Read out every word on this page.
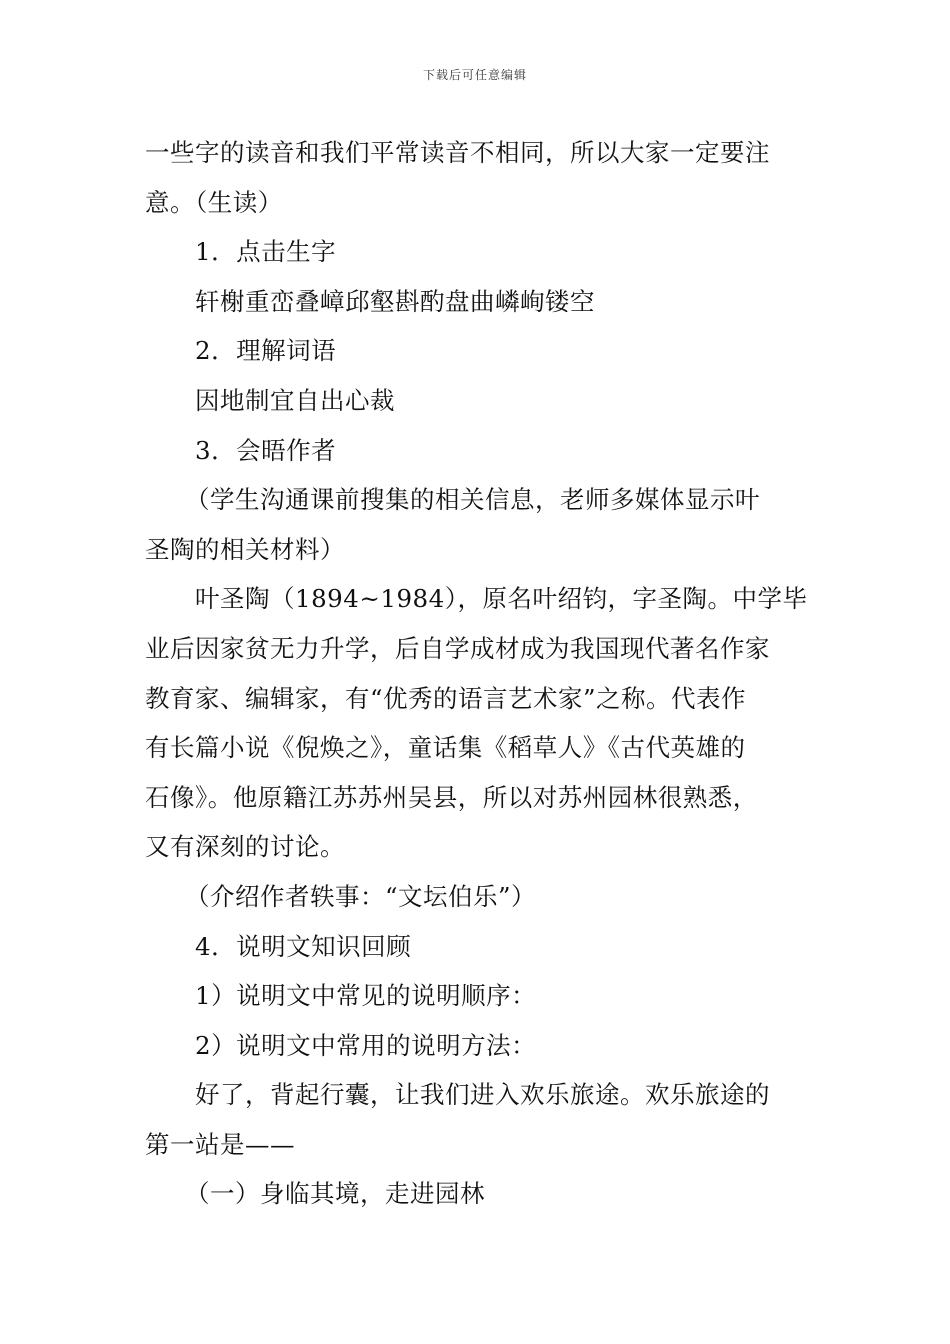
下载后可任意编辑
一些字的读音和我们平常读音不相同，所以大家一定要注
意。（生读）
1．点击生字
轩榭重峦叠嶂邱壑斟酌盘曲嶙峋镂空
2．理解词语
因地制宜自出心裁
3．会晤作者
（学生沟通课前搜集的相关信息，老师多媒体显示叶
圣陶的相关材料）
叶圣陶（1894~1984），原名叶绍钧，字圣陶。中学毕
业后因家贫无力升学，后自学成材成为我国现代著名作家
教育家、编辑家，有“优秀的语言艺术家”之称。代表作
有长篇小说《倪焕之》，童话集《稻草人》《古代英雄的
石像》。他原籍江苏苏州吴县，所以对苏州园林很熟悉，
又有深刻的讨论。
（介绍作者轶事：“文坛伯乐”）
4．说明文知识回顾
1）说明文中常见的说明顺序：
2）说明文中常用的说明方法：
好了，背起行囊，让我们进入欢乐旅途。欢乐旅途的
第一站是——
（一）身临其境，走进园林
